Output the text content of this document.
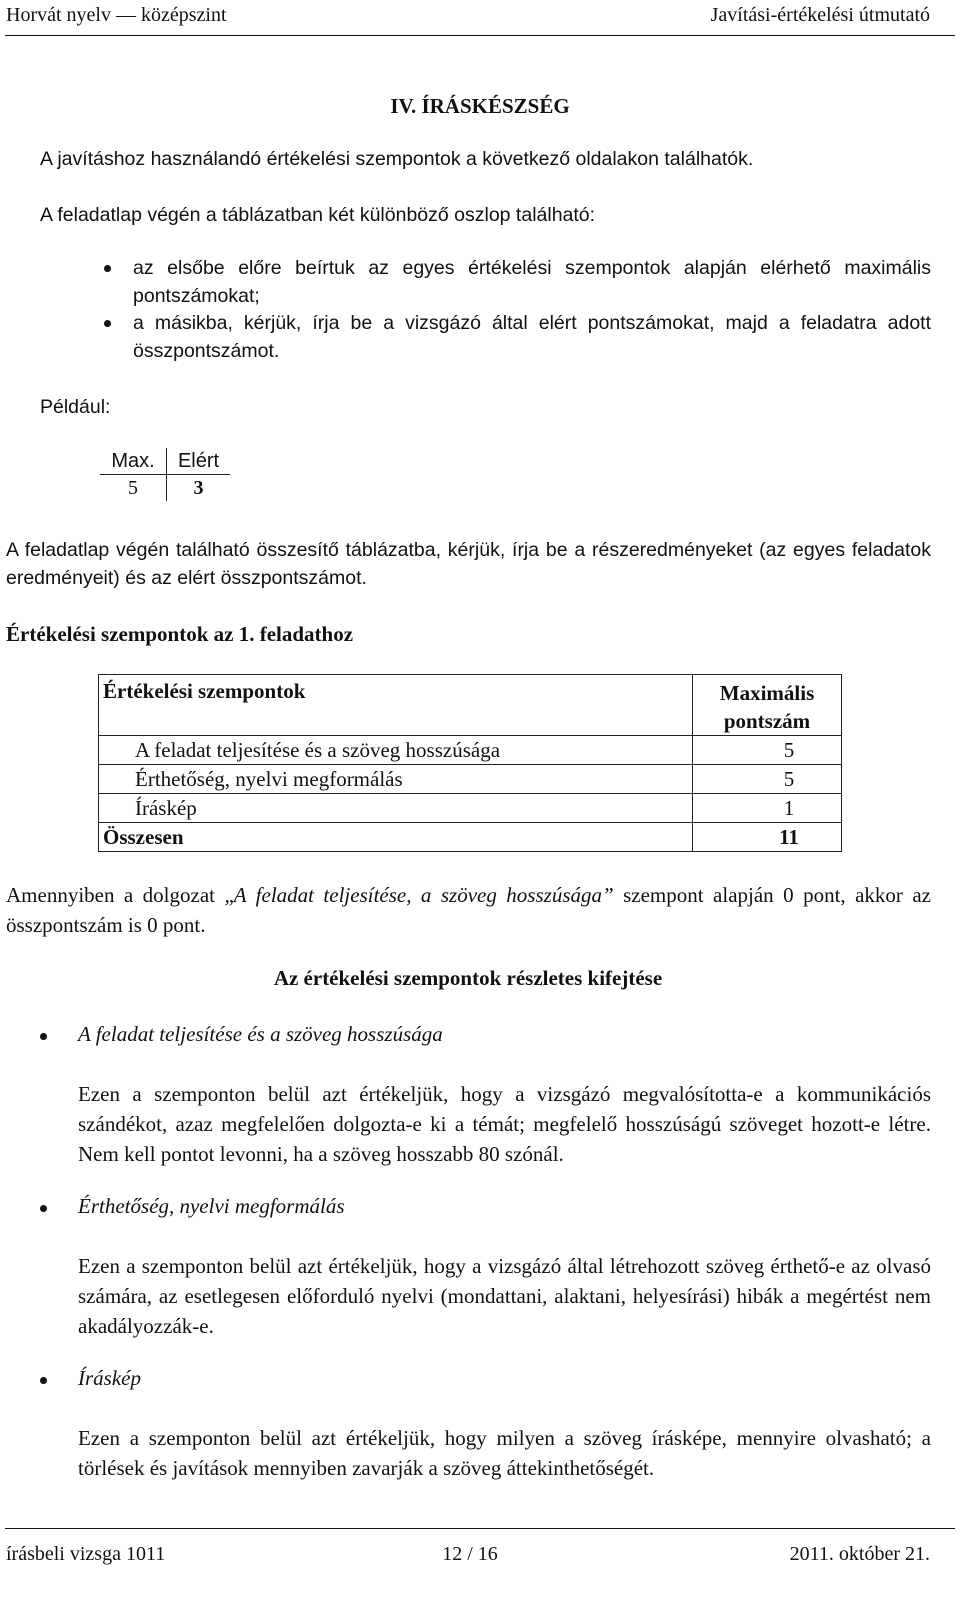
Horvát nyelv — középszint	Javítási-értékelési útmutató
IV. ÍRÁSKÉSZSÉG
A javításhoz használandó értékelési szempontok a következő oldalakon találhatók.
A feladatlap végén a táblázatban két különböző oszlop található:
az elsőbe előre beírtuk az egyes értékelési szempontok alapján elérhető maximális pontszámokat;
a másikba, kérjük, írja be a vizsgázó által elért pontszámokat, majd a feladatra adott összpontszámot.
Például:
Max.	Elért
5	3
A feladatlap végén található összesítő táblázatba, kérjük, írja be a részeredményeket (az egyes feladatok eredményeit) és az elért összpontszámot.
Értékelési szempontok az 1. feladathoz
Értékelési szempontok	Maximális pontszám
A feladat teljesítése és a szöveg hosszúsága	5
Érthetőség, nyelvi megformálás	5
Íráskép	1
Összesen	11
Amennyiben a dolgozat „A feladat teljesítése, a szöveg hosszúsága” szempont alapján 0 pont, akkor az összpontszám is 0 pont.
Az értékelési szempontok részletes kifejtése
A feladat teljesítése és a szöveg hosszúsága
Ezen a szemponton belül azt értékeljük, hogy a vizsgázó megvalósította-e a kommunikációs szándékot, azaz megfelelően dolgozta-e ki a témát; megfelelő hosszúságú szöveget hozott-e létre. Nem kell pontot levonni, ha a szöveg hosszabb 80 szónál.
Érthetőség, nyelvi megformálás
Ezen a szemponton belül azt értékeljük, hogy a vizsgázó által létrehozott szöveg érthető-e az olvasó számára, az esetlegesen előforduló nyelvi (mondattani, alaktani, helyesírási) hibák a megértést nem akadályozzák-e.
Íráskép
Ezen a szemponton belül azt értékeljük, hogy milyen a szöveg írásképe, mennyire olvasható; a törlések és javítások mennyiben zavarják a szöveg áttekinthetőségét.
írásbeli vizsga 1011	12 / 16	2011. október 21.
